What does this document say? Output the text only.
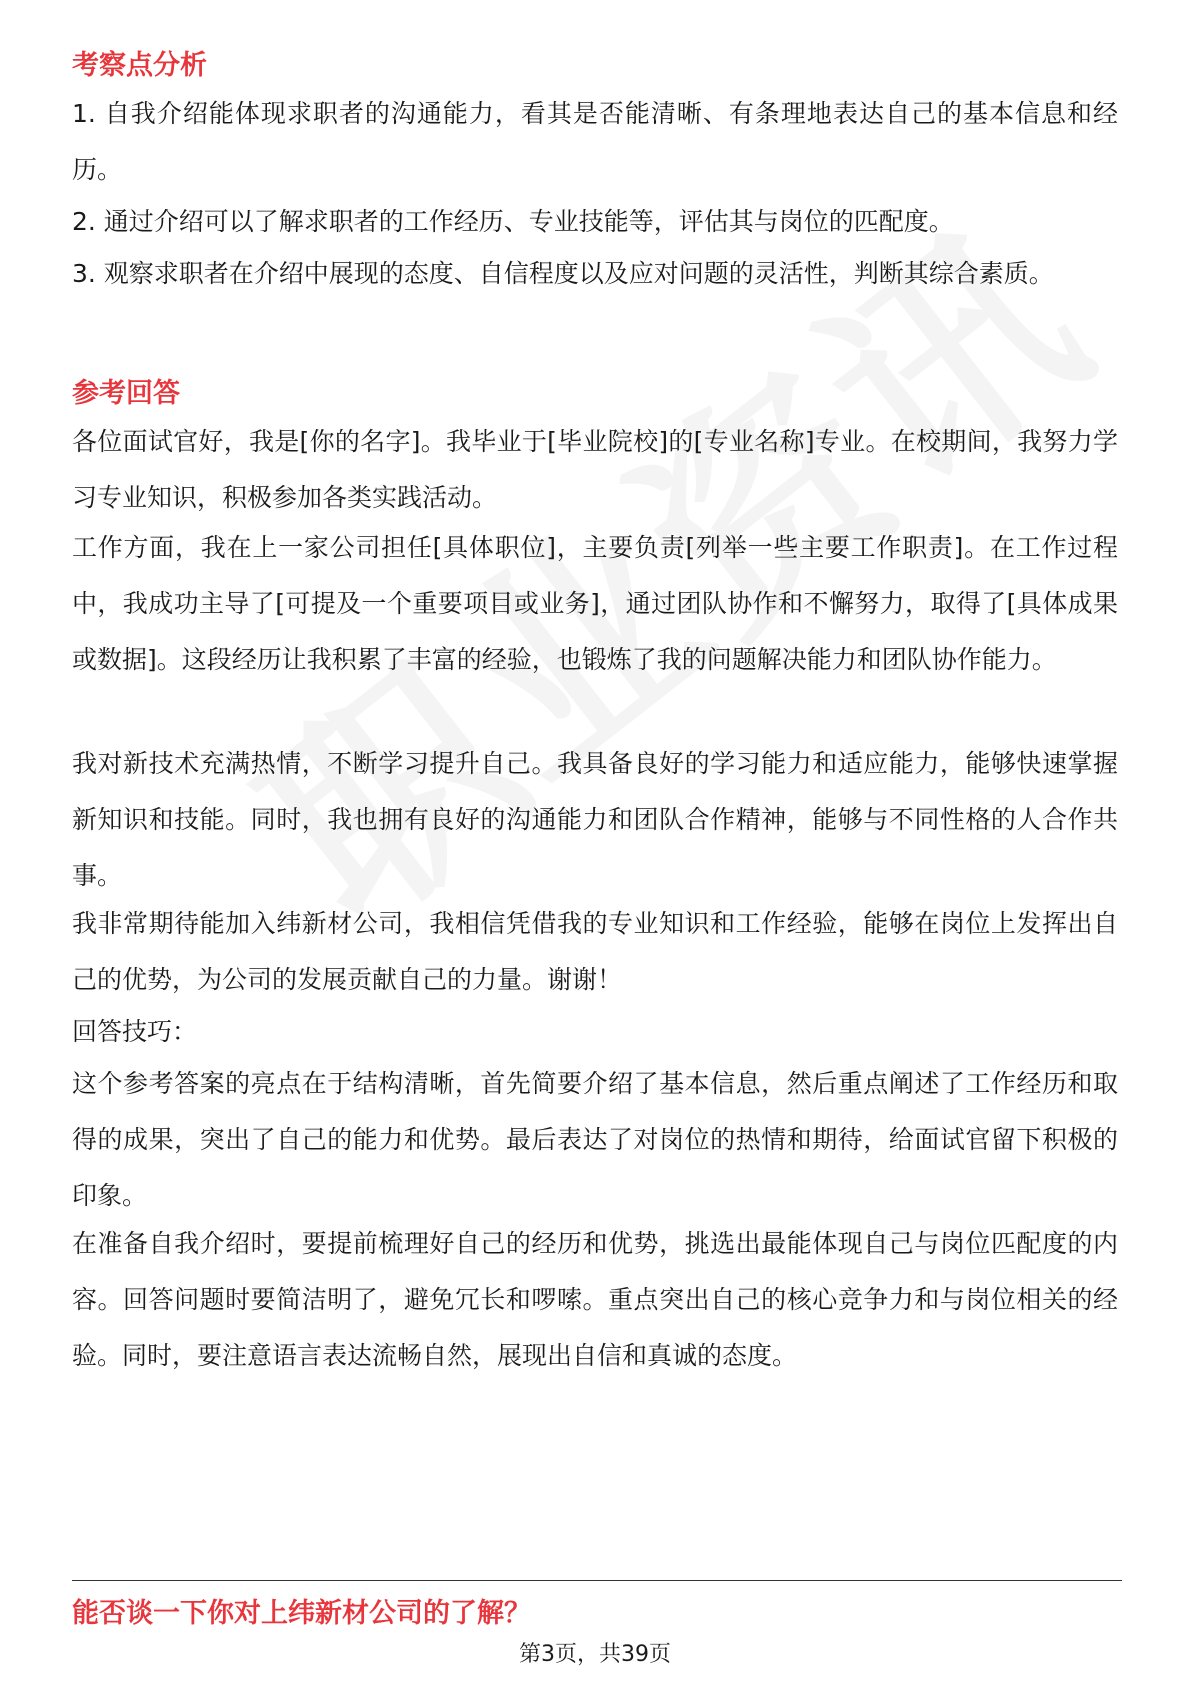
考察点分析

1. 自我介绍能体现求职者的沟通能力，看其是否能清晰、有条理地表达自己的基本信息和经历。

2. 通过介绍可以了解求职者的工作经历、专业技能等，评估其与岗位的匹配度。

3. 观察求职者在介绍中展现的态度、自信程度以及应对问题的灵活性，判断其综合素质。

参考回答

各位面试官好，我是[你的名字]。我毕业于[毕业院校]的[专业名称]专业。在校期间，我努力学习专业知识，积极参加各类实践活动。

工作方面，我在上一家公司担任[具体职位]，主要负责[列举一些主要工作职责]。在工作过程中，我成功主导了[可提及一个重要项目或业务]，通过团队协作和不懈努力，取得了[具体成果或数据]。这段经历让我积累了丰富的经验，也锻炼了我的问题解决能力和团队协作能力。

我对新技术充满热情，不断学习提升自己。我具备良好的学习能力和适应能力，能够快速掌握新知识和技能。同时，我也拥有良好的沟通能力和团队合作精神，能够与不同性格的人合作共事。

我非常期待能加入纬新材公司，我相信凭借我的专业知识和工作经验，能够在岗位上发挥出自己的优势，为公司的发展贡献自己的力量。谢谢！

回答技巧：

这个参考答案的亮点在于结构清晰，首先简要介绍了基本信息，然后重点阐述了工作经历和取得的成果，突出了自己的能力和优势。最后表达了对岗位的热情和期待，给面试官留下积极的印象。

在准备自我介绍时，要提前梳理好自己的经历和优势，挑选出最能体现自己与岗位匹配度的内容。回答问题时要简洁明了，避免冗长和啰嗦。重点突出自己的核心竞争力和与岗位相关的经验。同时，要注意语言表达流畅自然，展现出自信和真诚的态度。

能否谈一下你对上纬新材公司的了解？
第3页，共39页
